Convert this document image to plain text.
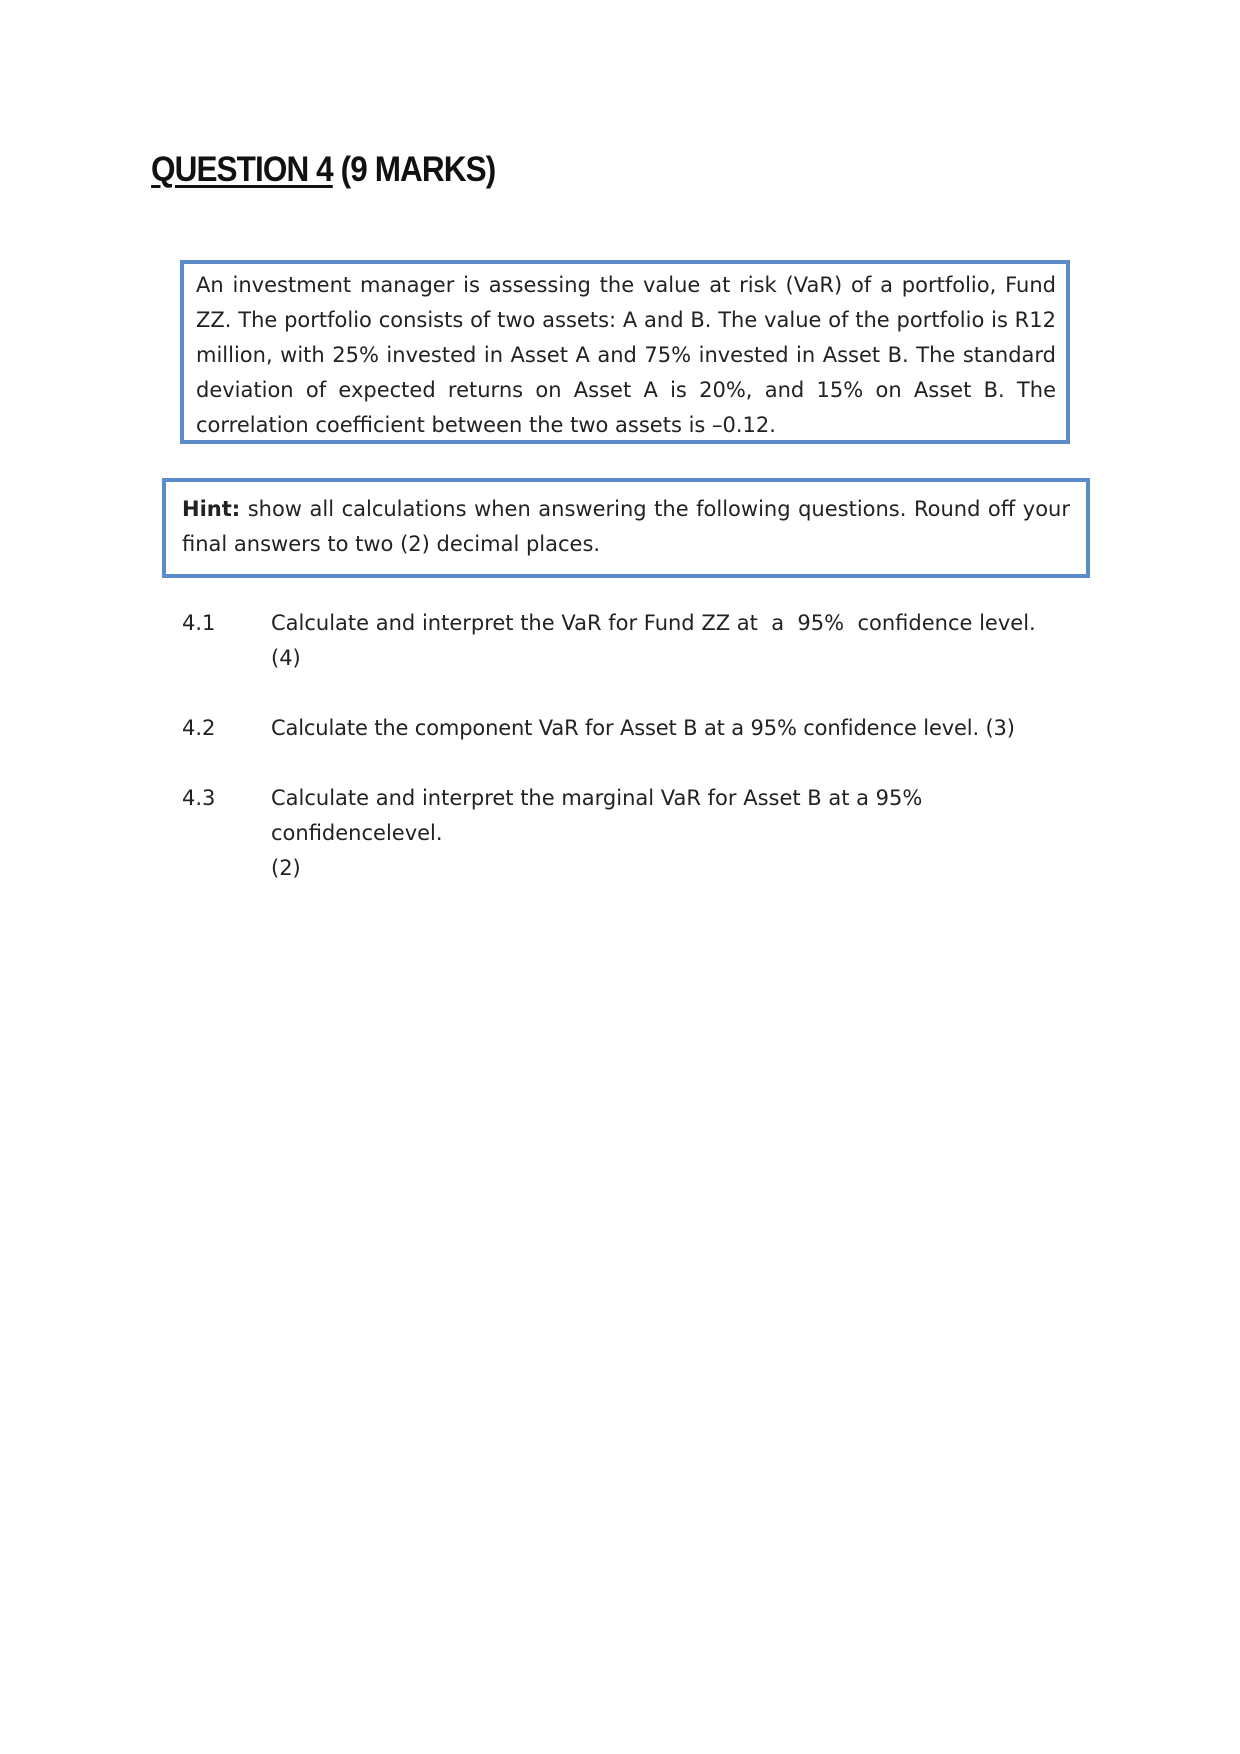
QUESTION 4 (9 MARKS)
An investment manager is assessing the value at risk (VaR) of a portfolio, Fund ZZ. The portfolio consists of two assets: A and B. The value of the portfolio is R12 million, with 25% invested in Asset A and 75% invested in Asset B. The standard deviation of expected returns on Asset A is 20%, and 15% on Asset B. The correlation coefficient between the two assets is –0.12.
Hint: show all calculations when answering the following questions. Round off your final answers to two (2) decimal places.
4.1	Calculate and interpret the VaR for Fund ZZ at  a  95%  confidence level.
(4)
4.2	Calculate the component VaR for Asset B at a 95% confidence level. (3)
4.3	Calculate and interpret the marginal VaR for Asset B at a 95% confidencelevel.
(2)
